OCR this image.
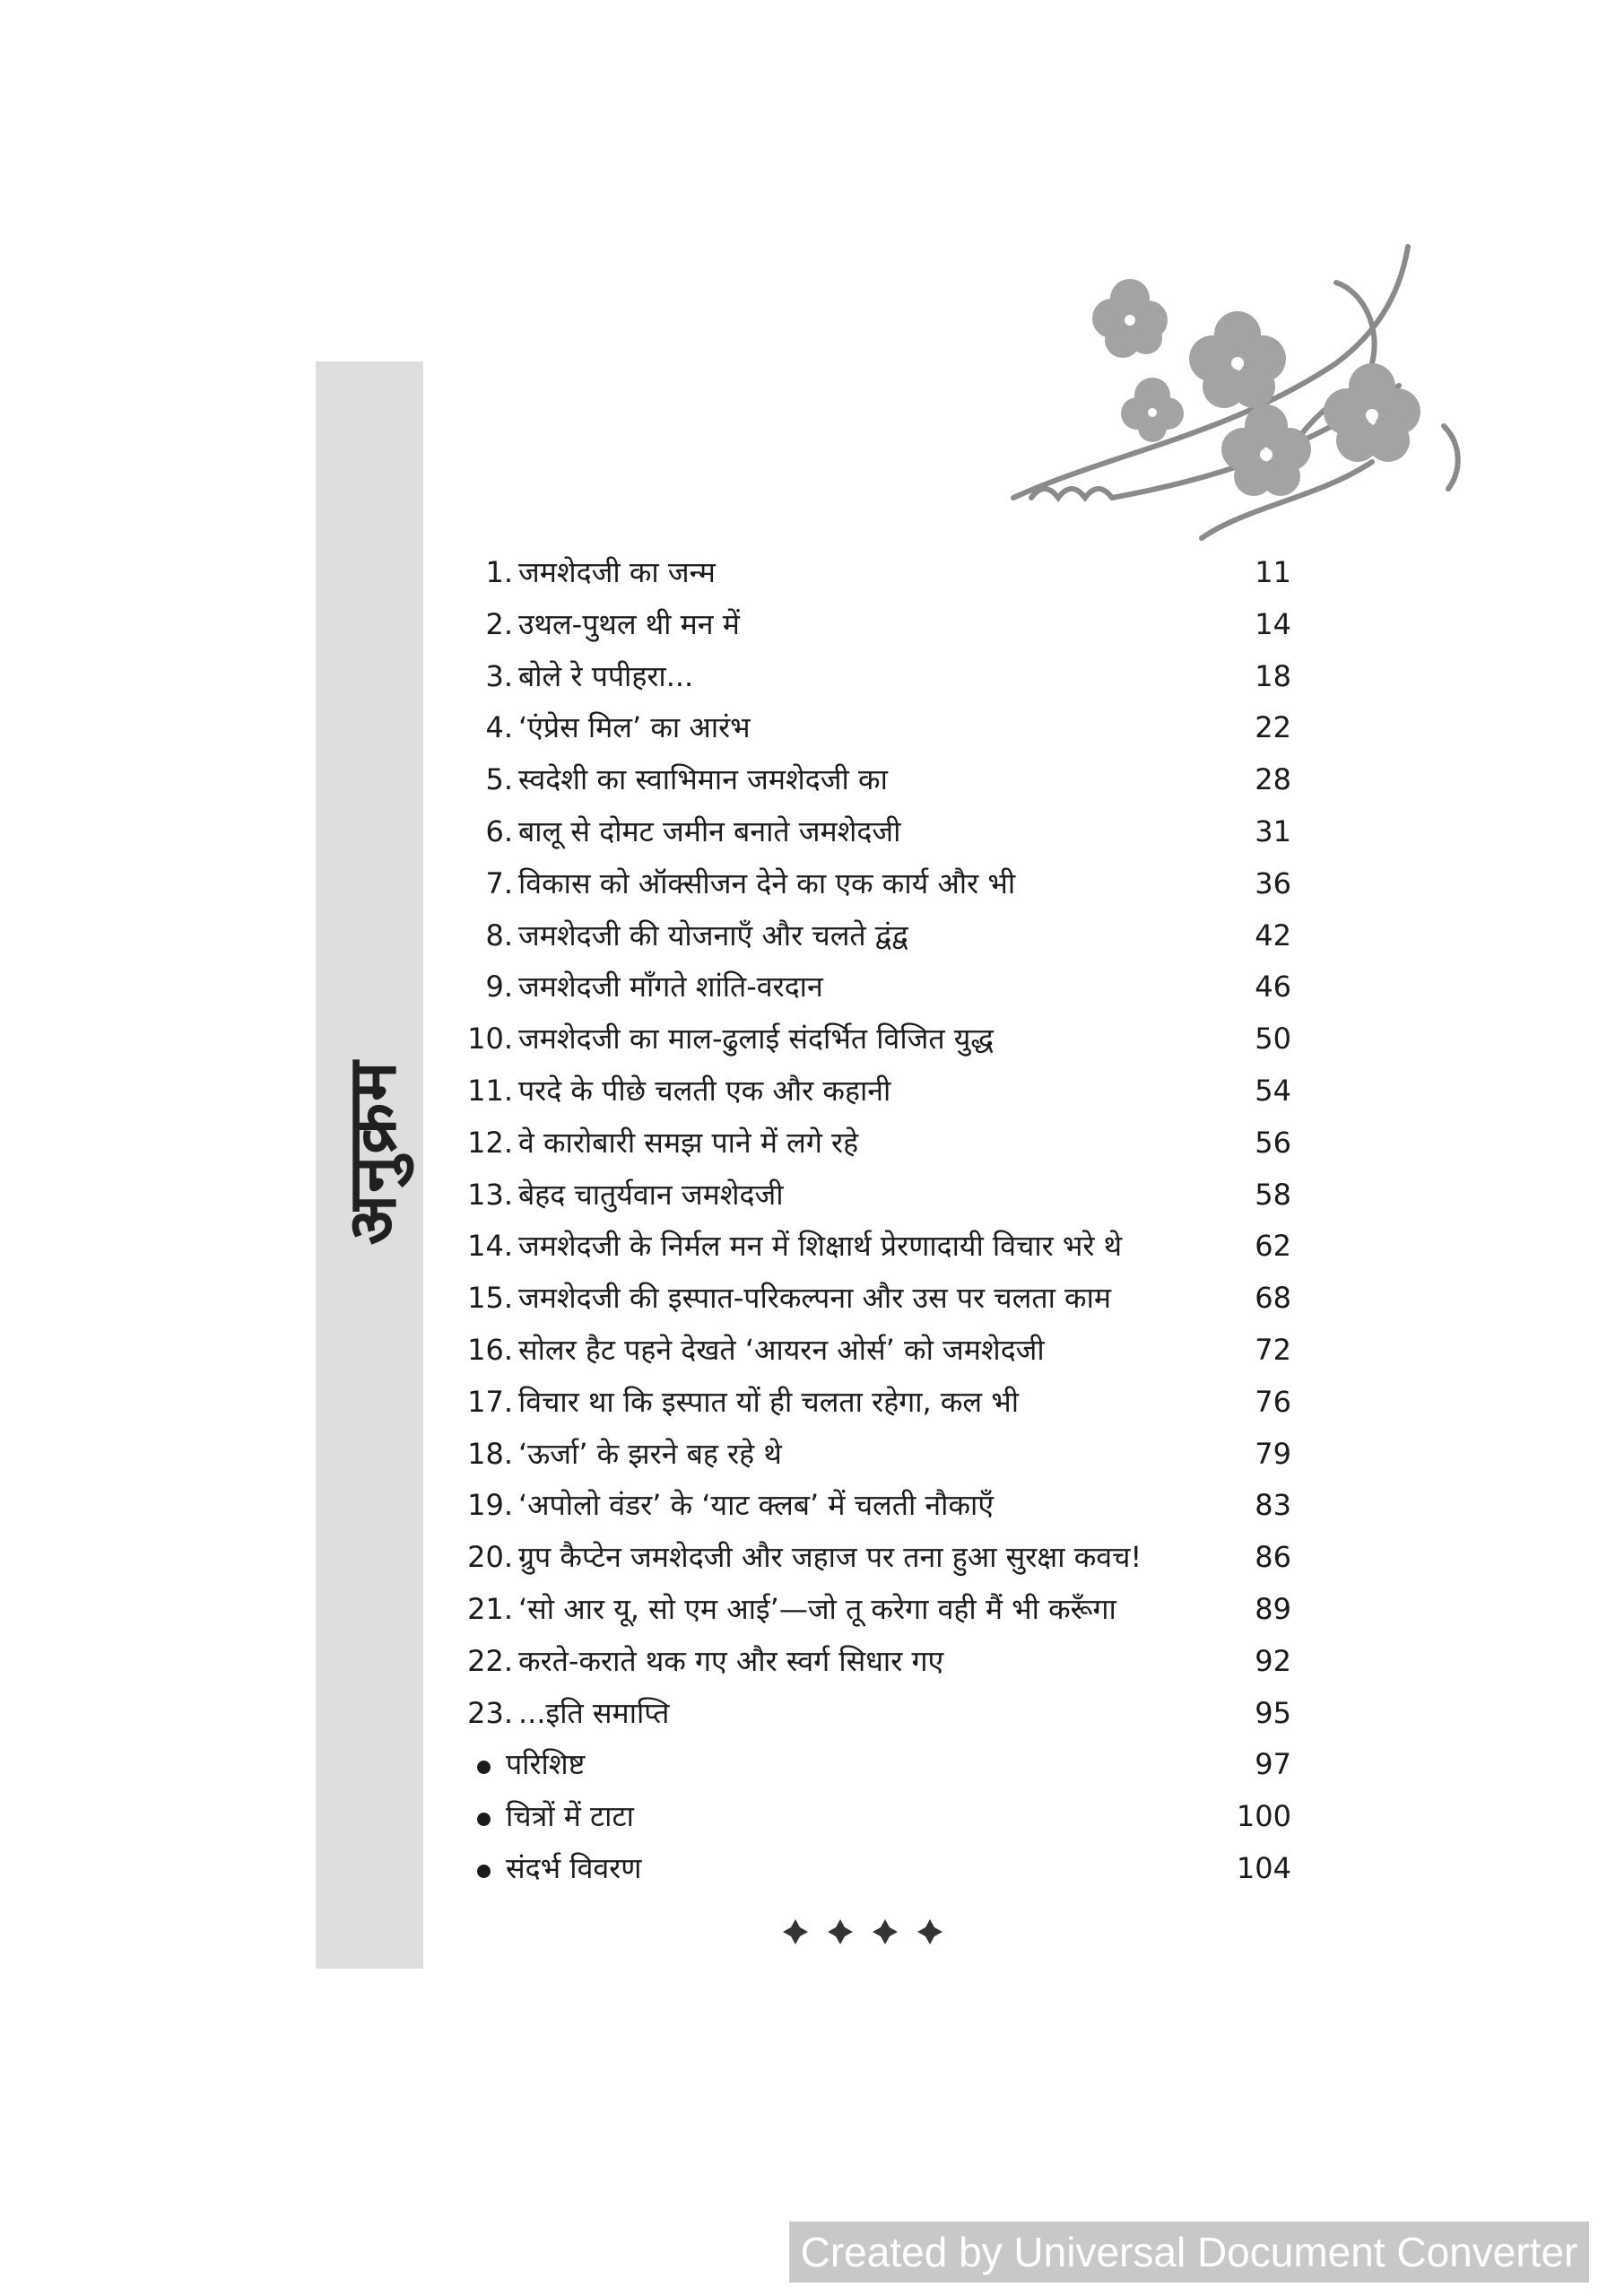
अनुक्रम
1. जमशेदजी का जन्म	11
2. उथल-पुथल थी मन में	14
3. बोले रे पपीहरा...	18
4. ‘एंप्रेस मिल’ का आरंभ	22
5. स्वदेशी का स्वाभिमान जमशेदजी का	28
6. बालू से दोमट जमीन बनाते जमशेदजी	31
7. विकास को ऑक्सीजन देने का एक कार्य और भी	36
8. जमशेदजी की योजनाएँ और चलते द्वंद्व	42
9. जमशेदजी माँगते शांति-वरदान	46
10. जमशेदजी का माल-ढुलाई संदर्भित विजित युद्ध	50
11. परदे के पीछे चलती एक और कहानी	54
12. वे कारोबारी समझ पाने में लगे रहे	56
13. बेहद चातुर्यवान जमशेदजी	58
14. जमशेदजी के निर्मल मन में शिक्षार्थ प्रेरणादायी विचार भरे थे	62
15. जमशेदजी की इस्पात-परिकल्पना और उस पर चलता काम	68
16. सोलर हैट पहने देखते ‘आयरन ओर्स’ को जमशेदजी	72
17. विचार था कि इस्पात यों ही चलता रहेगा, कल भी	76
18. ‘ऊर्जा’ के झरने बह रहे थे	79
19. ‘अपोलो वंडर’ के ‘याट क्लब’ में चलती नौकाएँ	83
20. ग्रुप कैप्टेन जमशेदजी और जहाज पर तना हुआ सुरक्षा कवच!	86
21. ‘सो आर यू, सो एम आई’—जो तू करेगा वही मैं भी करूँगा	89
22. करते-कराते थक गए और स्वर्ग सिधार गए	92
23. ...इति समाप्ति	95
परिशिष्ट	97
चित्रों में टाटा	100
संदर्भ विवरण	104
Created by Universal Document Converter
